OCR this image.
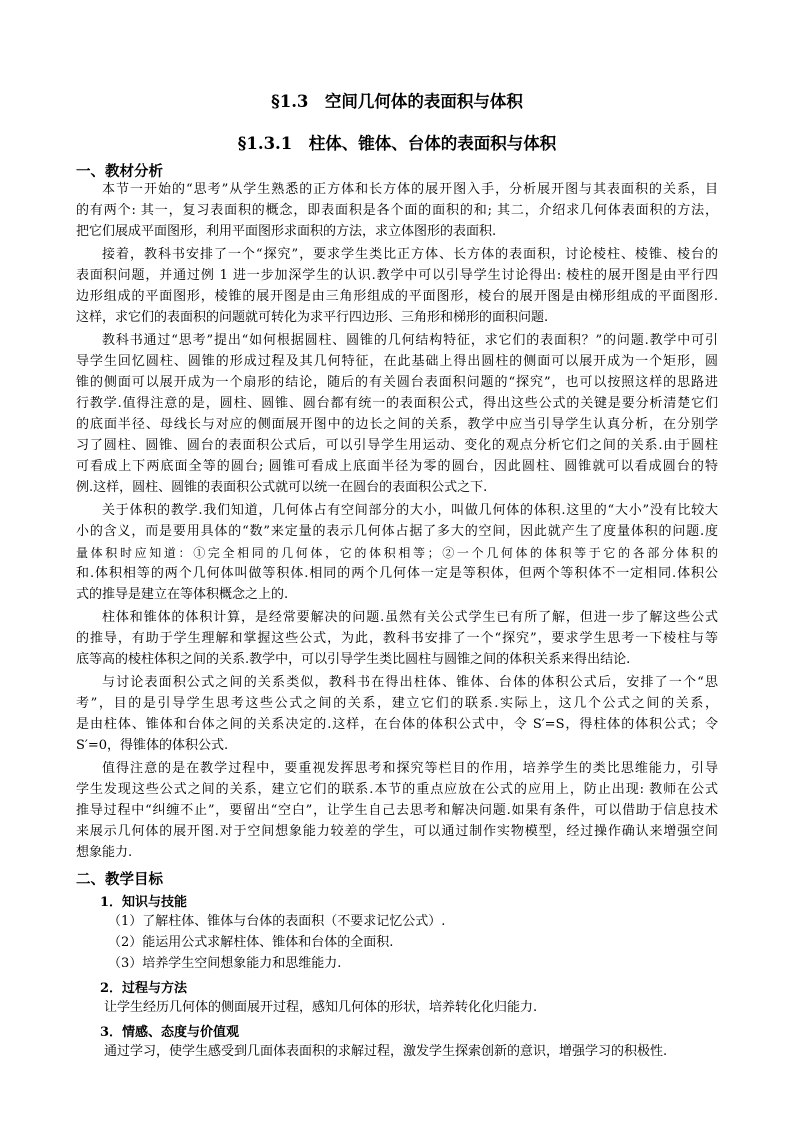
§1.3　空间几何体的表面积与体积
§1.3.1　柱体、锥体、台体的表面积与体积
一、教材分析
本节一开始的“思考”从学生熟悉的正方体和长方体的展开图入手，分析展开图与其表面积的关系，目
的有两个: 其一，复习表面积的概念，即表面积是各个面的面积的和; 其二，介绍求几何体表面积的方法，
把它们展成平面图形，利用平面图形求面积的方法，求立体图形的表面积.
接着，教科书安排了一个“探究”，要求学生类比正方体、长方体的表面积，讨论棱柱、棱锥、棱台的
表面积问题，并通过例 1 进一步加深学生的认识.教学中可以引导学生讨论得出: 棱柱的展开图是由平行四
边形组成的平面图形，棱锥的展开图是由三角形组成的平面图形，棱台的展开图是由梯形组成的平面图形.
这样，求它们的表面积的问题就可转化为求平行四边形、三角形和梯形的面积问题.
教科书通过“思考”提出“如何根据圆柱、圆锥的几何结构特征，求它们的表面积？”的问题.教学中可引
导学生回忆圆柱、圆锥的形成过程及其几何特征，在此基础上得出圆柱的侧面可以展开成为一个矩形，圆
锥的侧面可以展开成为一个扇形的结论，随后的有关圆台表面积问题的“探究”，也可以按照这样的思路进
行教学.值得注意的是，圆柱、圆锥、圆台都有统一的表面积公式，得出这些公式的关键是要分析清楚它们
的底面半径、母线长与对应的侧面展开图中的边长之间的关系，教学中应当引导学生认真分析，在分别学
习了圆柱、圆锥、圆台的表面积公式后，可以引导学生用运动、变化的观点分析它们之间的关系.由于圆柱
可看成上下两底面全等的圆台; 圆锥可看成上底面半径为零的圆台，因此圆柱、圆锥就可以看成圆台的特
例.这样，圆柱、圆锥的表面积公式就可以统一在圆台的表面积公式之下.
关于体积的教学.我们知道，几何体占有空间部分的大小，叫做几何体的体积.这里的“大小”没有比较大
小的含义，而是要用具体的“数”来定量的表示几何体占据了多大的空间，因此就产生了度量体积的问题.度
量体积时应知道：①完全相同的几何体，它的体积相等；②一个几何体的体积等于它的各部分体积的
和.体积相等的两个几何体叫做等积体.相同的两个几何体一定是等积体，但两个等积体不一定相同.体积公
式的推导是建立在等体积概念之上的.
柱体和锥体的体积计算，是经常要解决的问题.虽然有关公式学生已有所了解，但进一步了解这些公式
的推导，有助于学生理解和掌握这些公式，为此，教科书安排了一个“探究”，要求学生思考一下棱柱与等
底等高的棱柱体积之间的关系.教学中，可以引导学生类比圆柱与圆锥之间的体积关系来得出结论.
与讨论表面积公式之间的关系类似，教科书在得出柱体、锥体、台体的体积公式后，安排了一个“思
考”，目的是引导学生思考这些公式之间的关系，建立它们的联系.实际上，这几个公式之间的关系，
是由柱体、锥体和台体之间的关系决定的.这样，在台体的体积公式中，令 S′=S，得柱体的体积公式；令
S′=0，得锥体的体积公式.
值得注意的是在教学过程中，要重视发挥思考和探究等栏目的作用，培养学生的类比思维能力，引导
学生发现这些公式之间的关系，建立它们的联系.本节的重点应放在公式的应用上，防止出现: 教师在公式
推导过程中“纠缠不止”，要留出“空白”，让学生自己去思考和解决问题.如果有条件，可以借助于信息技术
来展示几何体的展开图.对于空间想象能力较差的学生，可以通过制作实物模型，经过操作确认来增强空间
想象能力.
二、教学目标
1．知识与技能
（1）了解柱体、锥体与台体的表面积（不要求记忆公式）.
（2）能运用公式求解柱体、锥体和台体的全面积.
（3）培养学生空间想象能力和思维能力.
2．过程与方法
让学生经历几何体的侧面展开过程，感知几何体的形状，培养转化化归能力.
3．情感、态度与价值观
通过学习，使学生感受到几面体表面积的求解过程，激发学生探索创新的意识，增强学习的积极性.
